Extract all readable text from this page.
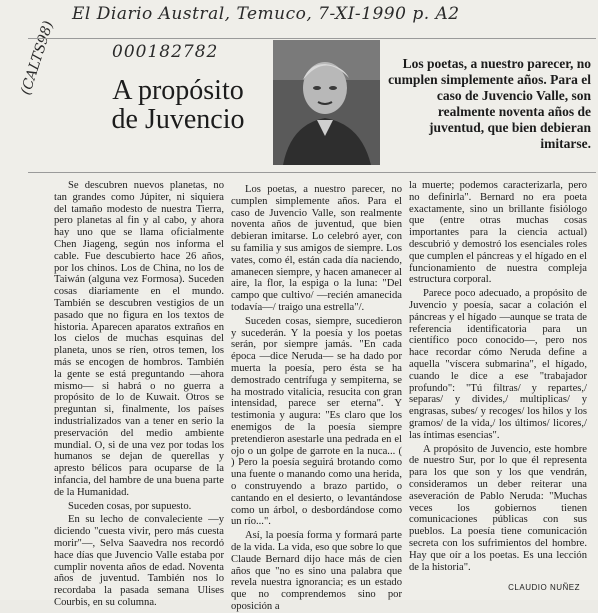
El Diario Austral, Temuco, 7-XI-1990 p. A2
000182782
(CALTS98)	A propósito
de Juvencio
Los poetas, a nuestro parecer, no cumplen simplemente años. Para el caso de Juvencio Valle, son realmente noventa años de juventud, que bien debieran imitarse.

Se descubren nuevos planetas, no tan grandes como Júpiter, ni siquiera del tamaño modesto de nuestra Tierra, pero planetas al fin y al cabo, y ahora hay uno que se llama oficialmente Chen Jiageng, según nos informa el cable. Fue descubierto hace 26 años, por los chinos. Los de China, no los de Taiwán (alguna vez Formosa). Suceden cosas diariamente en el mundo. También se descubren vestigios de un pasado que no figura en los textos de historia. Aparecen aparatos extraños en los cielos de muchas esquinas del planeta, unos se ríen, otros temen, los más se encogen de hombros. También la gente se está preguntando —ahora mismo— si habrá o no guerra a propósito de lo de Kuwait. Otros se preguntan si, finalmente, los países industrializados van a tener en serio la preservación del medio ambiente mundial. O, si de una vez por todas los humanos se dejan de querellas y apresto bélicos para ocuparse de la infancia, del hambre de una buena parte de la Humanidad.

Suceden cosas, por supuesto.

En su lecho de convaleciente —y diciendo "cuesta vivir, pero más cuesta morir"—, Selva Saavedra nos recordó hace días que Juvencio Valle estaba por cumplir noventa años de edad. Noventa años de juventud. También nos lo recordaba la pasada semana Ulises Courbis, en su columna.

Los poetas, a nuestro parecer, no cumplen simplemente años. Para el caso de Juvencio Valle, son realmente noventa años de juventud, que bien debieran imitarse. Lo celebró ayer, con su familia y sus amigos de siempre. Los vates, como él, están cada día naciendo, amanecen siempre, y hacen amanecer al aire, la flor, la espiga o la luna: "Del campo que cultivo/ —recién amanecida todavía—/ traigo una estrella"/.

Suceden cosas, siempre, sucedieron y sucederán. Y la poesía y los poetas serán, por siempre jamás. "En cada época —dice Neruda— se ha dado por muerta la poesía, pero ésta se ha demostrado centrífuga y sempiterna, se ha mostrado vitalicia, resucita con gran intensidad, parece ser eterna". Y testimonia y augura: "Es claro que los enemigos de la poesía siempre pretendieron asestarle una pedrada en el ojo o un golpe de garrote en la nuca... ( ) Pero la poesía seguirá brotando como una fuente o manando como una herida, o construyendo a brazo partido, o cantando en el desierto, o levantándose como un árbol, o desbordándose como un río...".

Así, la poesía forma y formará parte de la vida. La vida, eso que sobre lo que Claude Bernard dijo hace más de cien años que "no es sino una palabra que revela nuestra ignorancia; es un estado que no comprendemos sino por oposición a

la muerte; podemos caracterizarla, pero no definirla". Bernard no era poeta exactamente, sino un brillante fisiólogo que (entre otras muchas cosas importantes para la ciencia actual) descubrió y demostró los esenciales roles que cumplen el páncreas y el hígado en el funcionamiento de nuestra compleja estructura corporal.

Parece poco adecuado, a propósito de Juvencio y poesía, sacar a colación el páncreas y el hígado —aunque se trata de referencia identificatoria para un científico poco conocido—, pero nos hace recordar cómo Neruda define a aquella "víscera submarina", el hígado, cuando le dice a ese "trabajador profundo": "Tú filtras/ y repartes,/ separas/ y divides,/ multiplicas/ y engrasas, subes/ y recoges/ los hilos y los gramos/ de la vida,/ los últimos/ licores,/ las íntimas esencias".

A propósito de Juvencio, este hombre de nuestro Sur, por lo que él representa para los que son y los que vendrán, consideramos un deber reiterar una aseveración de Pablo Neruda: "Muchas veces los gobiernos tienen comunicaciones públicas con sus pueblos. La poesía tiene comunicación secreta con los sufrimientos del hombre. Hay que oír a los poetas. Es una lección de la historia".

CLAUDIO NUÑEZ
